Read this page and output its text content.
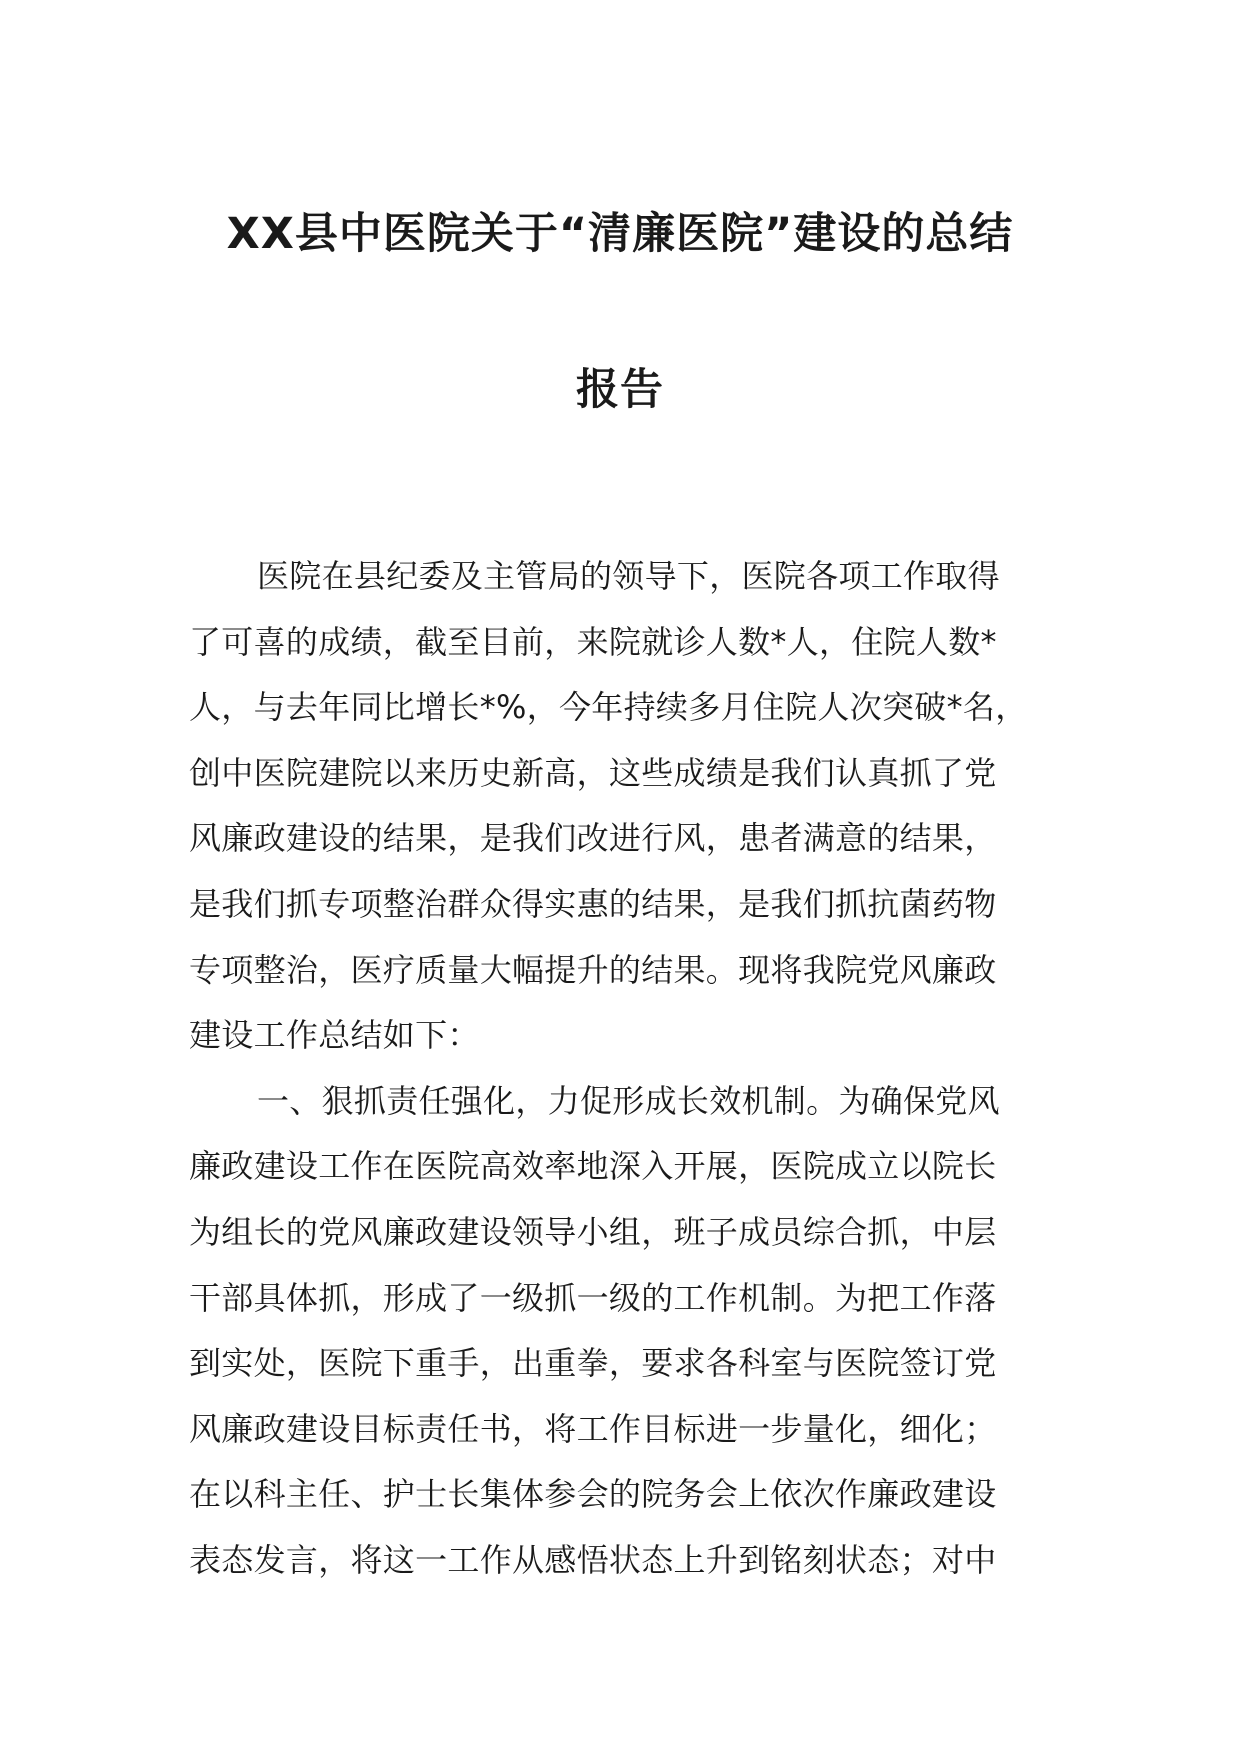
XX县中医院关于“清廉医院”建设的总结
报告
医院在县纪委及主管局的领导下，医院各项工作取得
了可喜的成绩，截至目前，来院就诊人数*人，住院人数*
人，与去年同比增长*%，今年持续多月住院人次突破*名，
创中医院建院以来历史新高，这些成绩是我们认真抓了党
风廉政建设的结果，是我们改进行风，患者满意的结果，
是我们抓专项整治群众得实惠的结果，是我们抓抗菌药物
专项整治，医疗质量大幅提升的结果。现将我院党风廉政
建设工作总结如下：
一、狠抓责任强化，力促形成长效机制。为确保党风
廉政建设工作在医院高效率地深入开展，医院成立以院长
为组长的党风廉政建设领导小组，班子成员综合抓，中层
干部具体抓，形成了一级抓一级的工作机制。为把工作落
到实处，医院下重手，出重拳，要求各科室与医院签订党
风廉政建设目标责任书，将工作目标进一步量化，细化；
在以科主任、护士长集体参会的院务会上依次作廉政建设
表态发言，将这一工作从感悟状态上升到铭刻状态；对中
